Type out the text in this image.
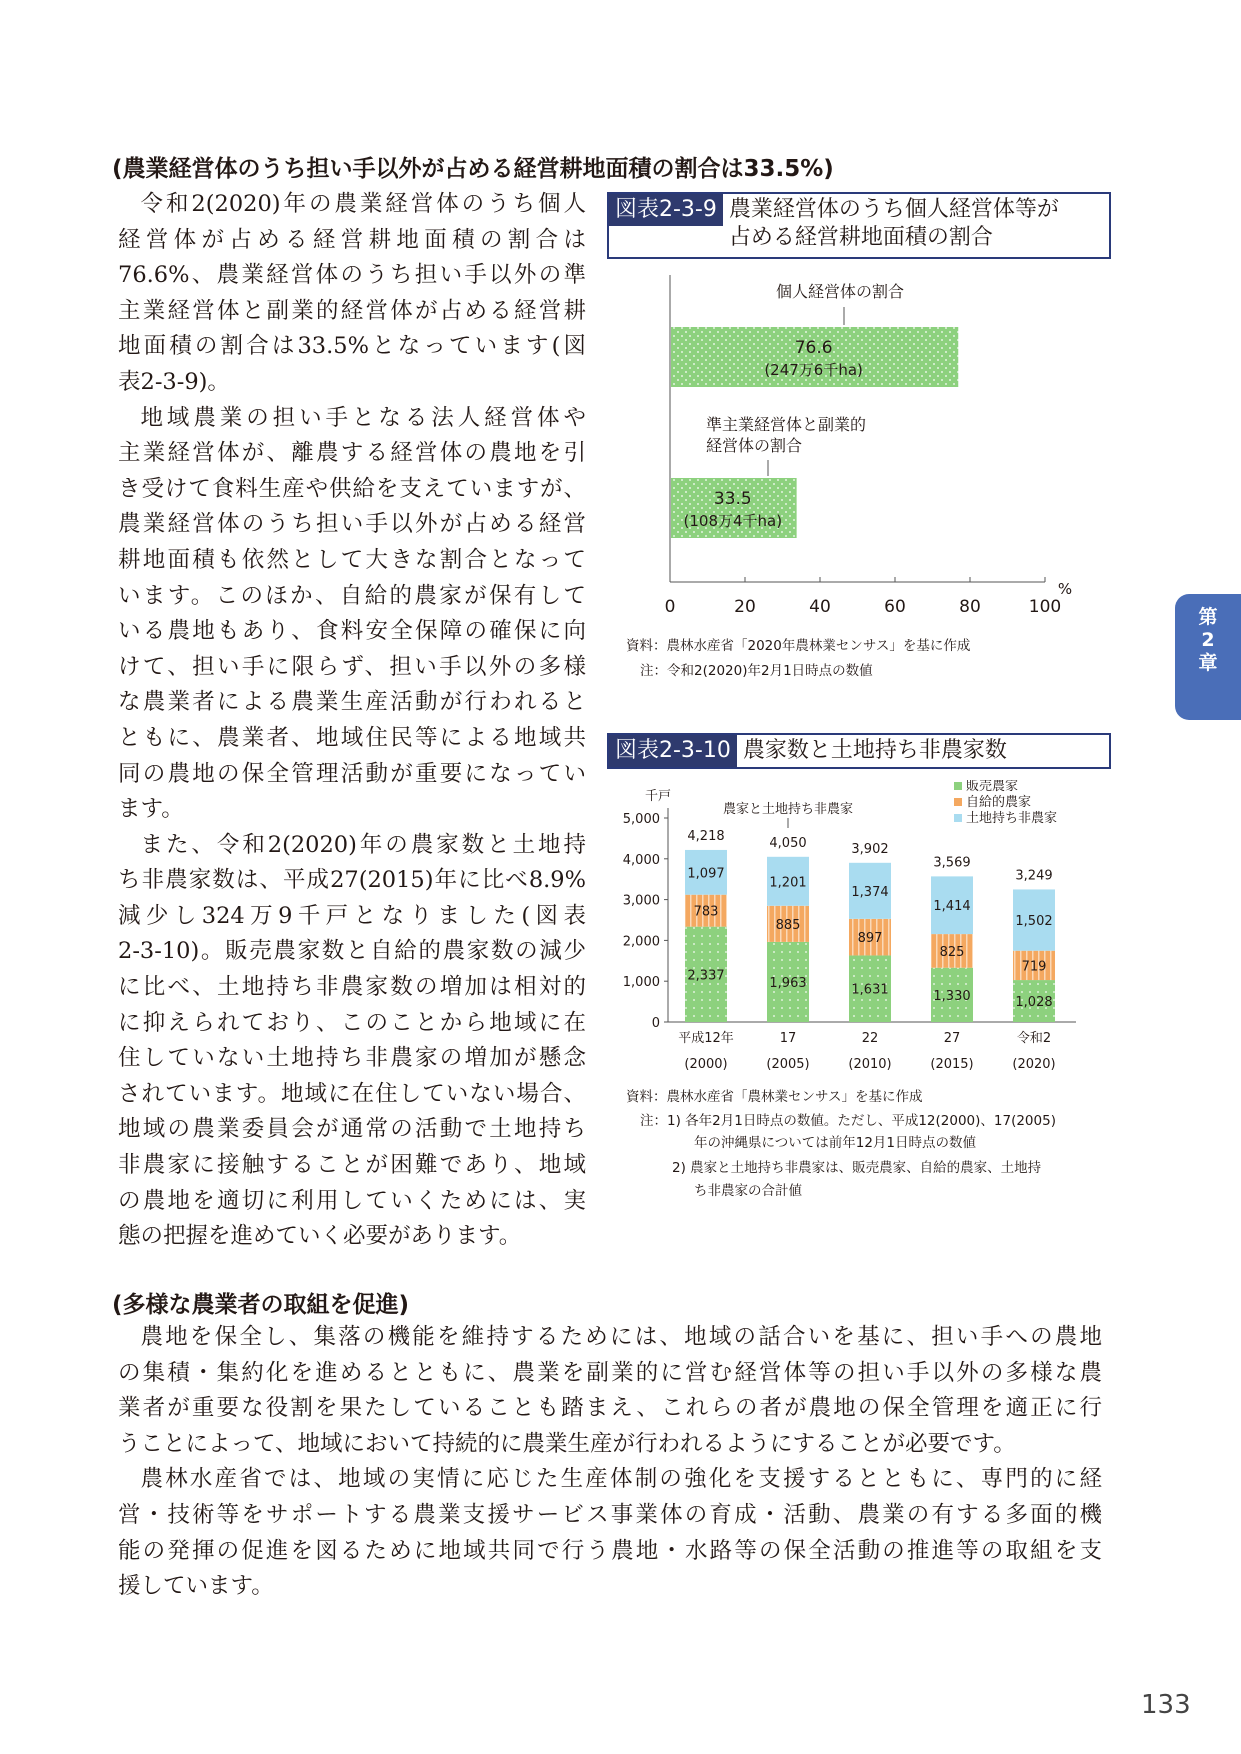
(農業経営体のうち担い手以外が占める経営耕地面積の割合は33.5%)

令和2(2020)年の農業経営体のうち個人
経営体が占める経営耕地面積の割合は
76.6%、農業経営体のうち担い手以外の準
主業経営体と副業的経営体が占める経営耕
地面積の割合は33.5%となっています(図
表2-3-9)。

地域農業の担い手となる法人経営体や
主業経営体が、離農する経営体の農地を引
き受けて食料生産や供給を支えていますが、
農業経営体のうち担い手以外が占める経営
耕地面積も依然として大きな割合となって
います。このほか、自給的農家が保有して
いる農地もあり、食料安全保障の確保に向
けて、担い手に限らず、担い手以外の多様
な農業者による農業生産活動が行われると
ともに、農業者、地域住民等による地域共
同の農地の保全管理活動が重要になってい
ます。

また、令和2(2020)年の農家数と土地持
ち非農家数は、平成27(2015)年に比べ8.9%
減少し324万9千戸となりました(図表
2-3-10)。販売農家数と自給的農家数の減少
に比べ、土地持ち非農家数の増加は相対的
に抑えられており、このことから地域に在
住していない土地持ち非農家の増加が懸念
されています。地域に在住していない場合、
地域の農業委員会が通常の活動で土地持ち
非農家に接触することが困難であり、地域
の農地を適切に利用していくためには、実
態の把握を進めていく必要があります。

図表2-3-9 農業経営体のうち個人経営体等が
占める経営耕地面積の割合
0	20	40	60	80	100
%
76.6
(247万6千ha)
個人経営体の割合
33.5
(108万4千ha)
準主業経営体と副業的
経営体の割合
資料：農林水産省「2020年農林業センサス」を基に作成
注：令和2(2020)年2月1日時点の数値
図表2-3-10 農家数と土地持ち非農家数
0
1,000
2,000
3,000
4,000
5,000
千戸
2,337
783
1,097
4,218
平成12年
(2000)
1,963
885
1,201
4,050
17
(2005)
1,631
897
1,374
3,902
22
(2010)
1,330
825
1,414
3,569
27
(2015)
1,028
719
1,502
3,249
令和2
(2020)
農家と土地持ち非農家
販売農家
自給的農家
土地持ち非農家
資料：農林水産省「農林業センサス」を基に作成
注：1) 各年2月1日時点の数値。ただし、平成12(2000)、17(2005)
年の沖縄県については前年12月1日時点の数値
2) 農家と土地持ち非農家は、販売農家、自給的農家、土地持
ち非農家の合計値
(多様な農業者の取組を促進)

農地を保全し、集落の機能を維持するためには、地域の話合いを基に、担い手への農地
の集積・集約化を進めるとともに、農業を副業的に営む経営体等の担い手以外の多様な農
業者が重要な役割を果たしていることも踏まえ、これらの者が農地の保全管理を適正に行
うことによって、地域において持続的に農業生産が行われるようにすることが必要です。

農林水産省では、地域の実情に応じた生産体制の強化を支援するとともに、専門的に経
営・技術等をサポートする農業支援サービス事業体の育成・活動、農業の有する多面的機
能の発揮の促進を図るために地域共同で行う農地・水路等の保全活動の推進等の取組を支
援しています。

第
2
章
133
